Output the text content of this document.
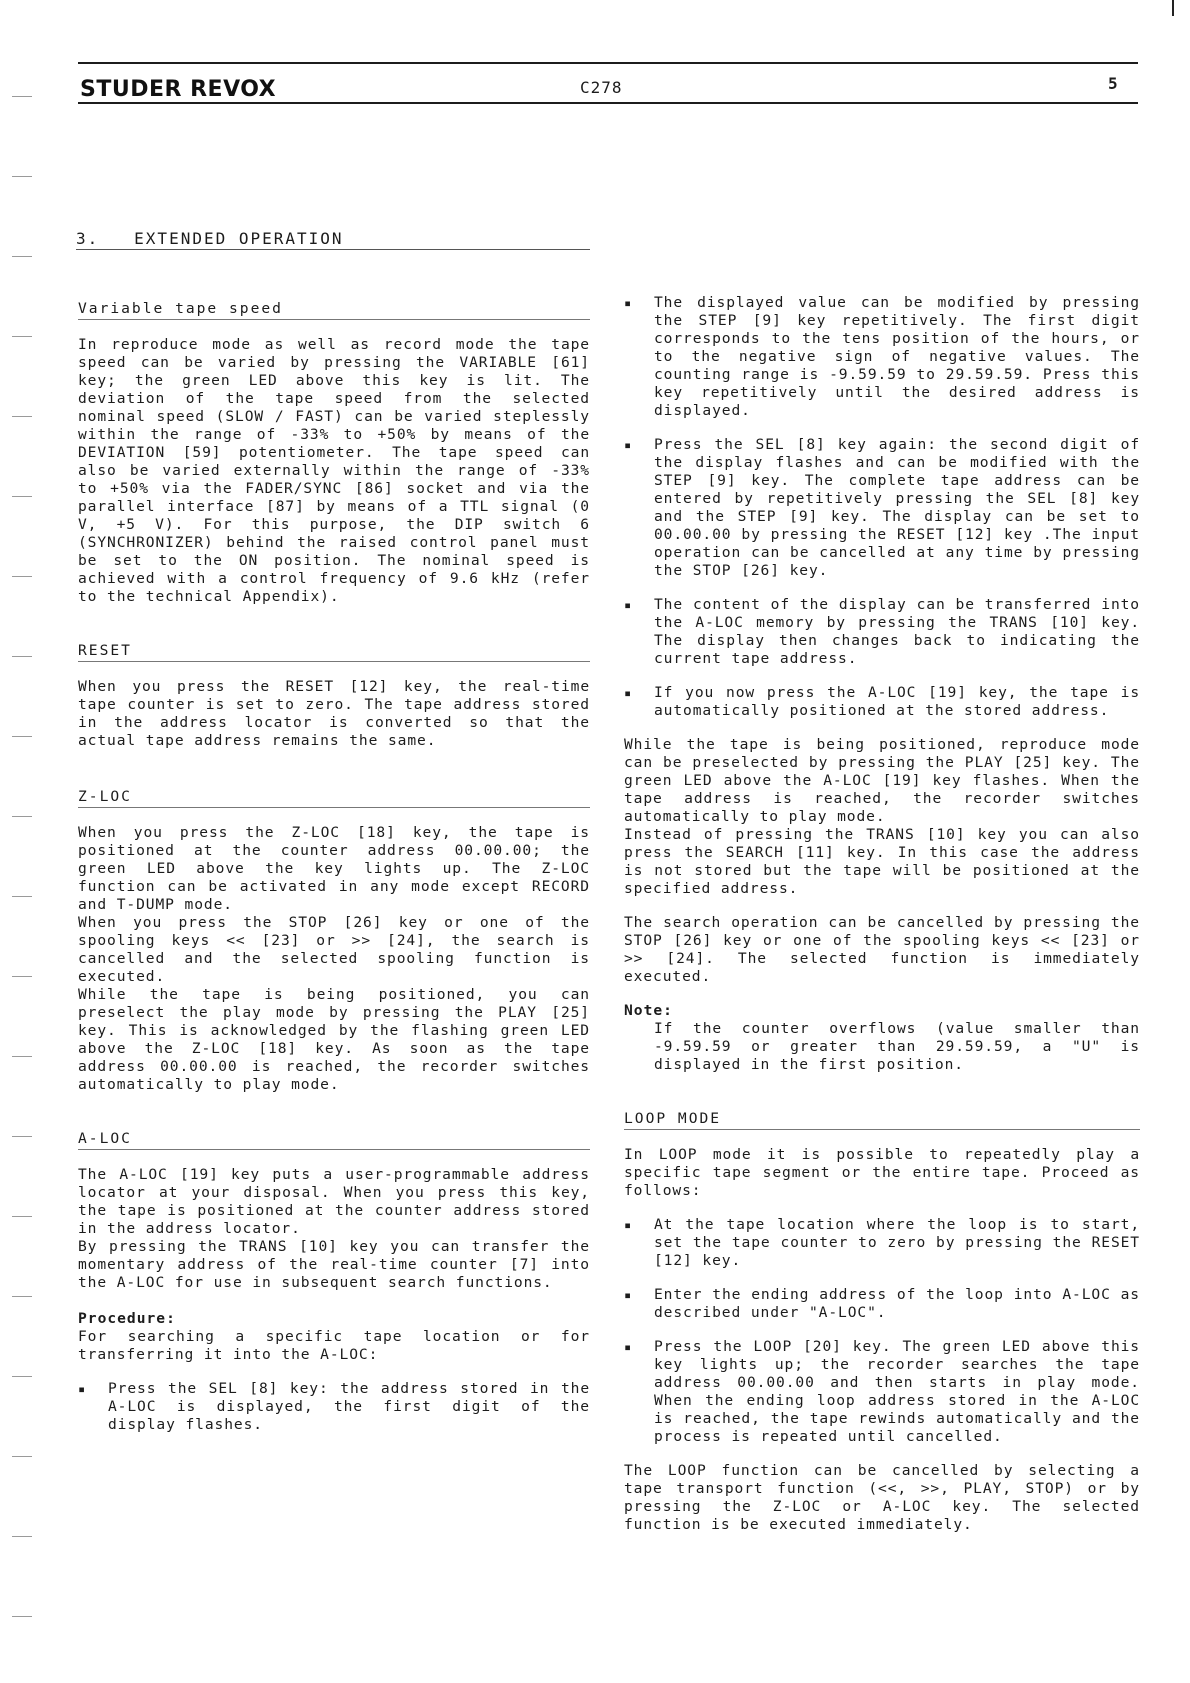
STUDER REVOX	C278	5
3.   EXTENDED OPERATION
Variable tape speed

In reproduce mode as well as record mode the tape speed can be varied by pressing the VARIABLE [61] key; the green LED above this key is lit. The deviation of the tape speed from the selected nominal speed (SLOW / FAST) can be varied steplessly within the range of -33% to +50% by means of the DEVIATION [59] potentiometer. The tape speed can also be varied externally within the range of -33% to +50% via the FADER/SYNC [86] socket and via the parallel interface [87] by means of a TTL signal (0 V, +5 V). For this purpose, the DIP switch 6 (SYNCHRONIZER) behind the raised control panel must be set to the ON position. The nominal speed is achieved with a control frequency of 9.6 kHz (refer to the technical Appendix).

RESET

When you press the RESET [12] key, the real-time tape counter is set to zero. The tape address stored in the address locator is converted so that the actual tape address remains the same.

Z-LOC

When you press the Z-LOC [18] key, the tape is positioned at the counter address 00.00.00; the green LED above the key lights up. The Z-LOC function can be activated in any mode except RECORD and T-DUMP mode.

When you press the STOP [26] key or one of the spooling keys << [23] or >> [24], the search is cancelled and the selected spooling function is executed.

While the tape is being positioned, you can preselect the play mode by pressing the PLAY [25] key. This is acknowledged by the flashing green LED above the Z-LOC [18] key. As soon as the tape address 00.00.00 is reached, the recorder switches automatically to play mode.

A-LOC

The A-LOC [19] key puts a user-programmable address locator at your disposal. When you press this key, the tape is positioned at the counter address stored in the address locator.

By pressing the TRANS [10] key you can transfer the momentary address of the real-time counter [7] into the A-LOC for use in subsequent search functions.

Procedure:

For searching a specific tape location or for transferring it into the A-LOC:

▪ Press the SEL [8] key: the address stored in the A-LOC is displayed, the first digit of the display flashes.

▪ The displayed value can be modified by pressing the STEP [9] key repetitively. The first digit corresponds to the tens position of the hours, or to the negative sign of negative values. The counting range is -9.59.59 to 29.59.59. Press this key repetitively until the desired address is displayed.

▪ Press the SEL [8] key again: the second digit of the display flashes and can be modified with the STEP [9] key. The complete tape address can be entered by repetitively pressing the SEL [8] key and the STEP [9] key. The display can be set to 00.00.00 by pressing the RESET [12] key .The input operation can be cancelled at any time by pressing the STOP [26] key.

▪ The content of the display can be transferred into the A-LOC memory by pressing the TRANS [10] key. The display then changes back to indicating the current tape address.

▪ If you now press the A-LOC [19] key, the tape is automatically positioned at the stored address.

While the tape is being positioned, reproduce mode can be preselected by pressing the PLAY [25] key. The green LED above the A-LOC [19] key flashes. When the tape address is reached, the recorder switches automatically to play mode.

Instead of pressing the TRANS [10] key you can also press the SEARCH [11] key. In this case the address is not stored but the tape will be positioned at the specified address.

The search operation can be cancelled by pressing the STOP [26] key or one of the spooling keys << [23] or >> [24]. The selected function is immediately executed.

Note:

If the counter overflows (value smaller than -9.59.59 or greater than 29.59.59, a "U" is displayed in the first position.

LOOP MODE

In LOOP mode it is possible to repeatedly play a specific tape segment or the entire tape. Proceed as follows:

▪ At the tape location where the loop is to start, set the tape counter to zero by pressing the RESET [12] key.

▪ Enter the ending address of the loop into A-LOC as described under "A-LOC".

▪ Press the LOOP [20] key. The green LED above this key lights up; the recorder searches the tape address 00.00.00 and then starts in play mode. When the ending loop address stored in the A-LOC is reached, the tape rewinds automatically and the process is repeated until cancelled.

The LOOP function can be cancelled by selecting a tape transport function (<<, >>, PLAY, STOP) or by pressing the Z-LOC or A-LOC key. The selected function is be executed immediately.
